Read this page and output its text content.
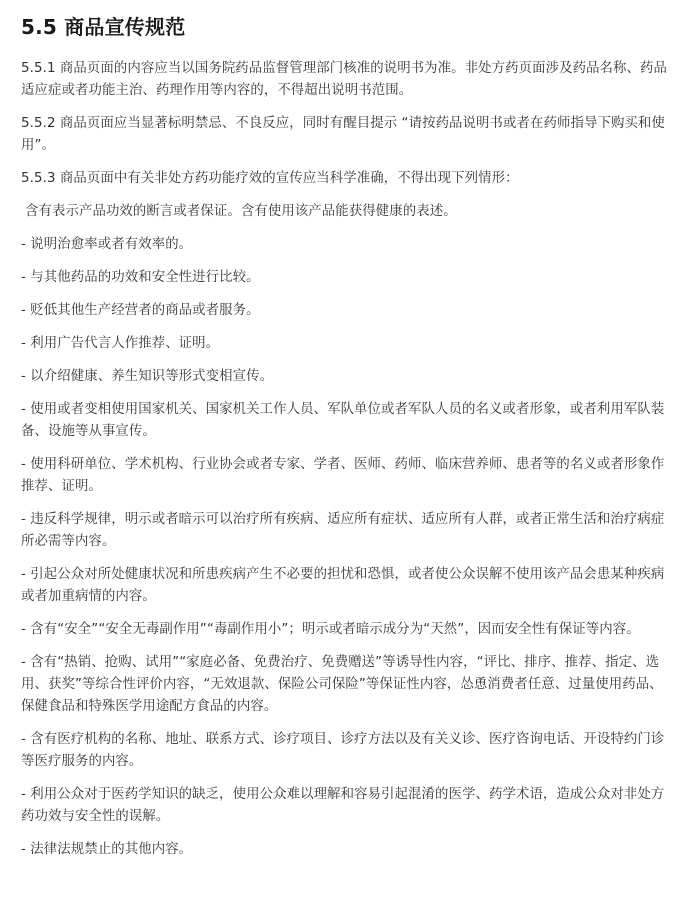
5.5 商品宣传规范

5.5.1 商品页面的内容应当以国务院药品监督管理部门核准的说明书为准。非处方药页面涉及药品名称、药品适应症或者功能主治、药理作用等内容的，不得超出说明书范围。

5.5.2 商品页面应当显著标明禁忌、不良反应，同时有醒目提示 “请按药品说明书或者在药师指导下购买和使用”。

5.5.3 商品页面中有关非处方药功能疗效的宣传应当科学准确，不得出现下列情形：

含有表示产品功效的断言或者保证。含有使用该产品能获得健康的表述。

- 说明治愈率或者有效率的。

- 与其他药品的功效和安全性进行比较。

- 贬低其他生产经营者的商品或者服务。

- 利用广告代言人作推荐、证明。

- 以介绍健康、养生知识等形式变相宣传。

- 使用或者变相使用国家机关、国家机关工作人员、军队单位或者军队人员的名义或者形象，或者利用军队装备、设施等从事宣传。

- 使用科研单位、学术机构、行业协会或者专家、学者、医师、药师、临床营养师、患者等的名义或者形象作推荐、证明。

- 违反科学规律，明示或者暗示可以治疗所有疾病、适应所有症状、适应所有人群，或者正常生活和治疗病症所必需等内容。

- 引起公众对所处健康状况和所患疾病产生不必要的担忧和恐惧，或者使公众误解不使用该产品会患某种疾病或者加重病情的内容。

- 含有“安全”“安全无毒副作用”“毒副作用小”；明示或者暗示成分为“天然”，因而安全性有保证等内容。

- 含有“热销、抢购、试用”“家庭必备、免费治疗、免费赠送”等诱导性内容，“评比、排序、推荐、指定、选用、获奖”等综合性评价内容，“无效退款、保险公司保险”等保证性内容，怂恿消费者任意、过量使用药品、保健食品和特殊医学用途配方食品的内容。

- 含有医疗机构的名称、地址、联系方式、诊疗项目、诊疗方法以及有关义诊、医疗咨询电话、开设特约门诊等医疗服务的内容。

- 利用公众对于医药学知识的缺乏，使用公众难以理解和容易引起混淆的医学、药学术语，造成公众对非处方药功效与安全性的误解。

- 法律法规禁止的其他内容。
